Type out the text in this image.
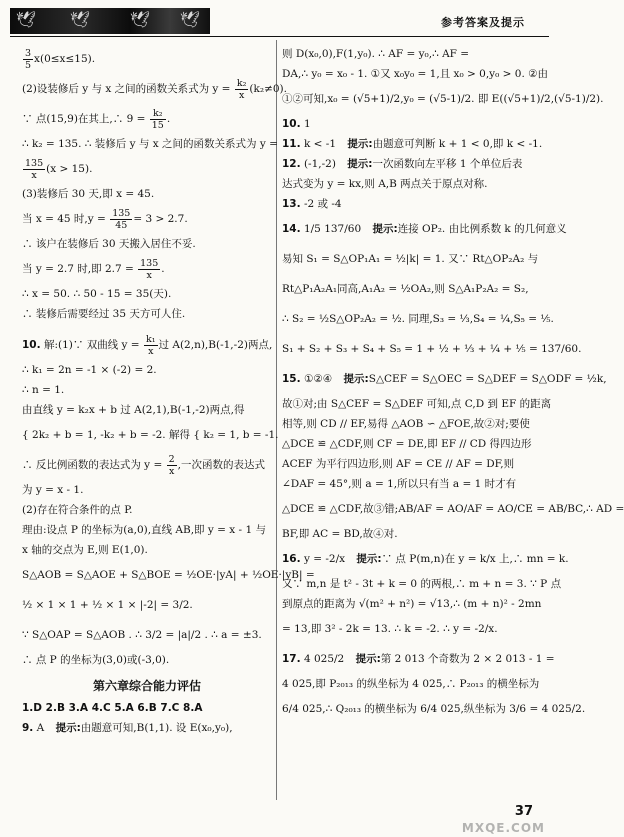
🕊 🕊 🕊 🕊	参考答案及提示
$\frac{3}{5} x(0\le x\le 15)$.
(2)设装修后 y 与 x 之间的函数关系式为 $y = \frac{\text{k₂}}{x} (k_2\ne 0)$.
∵ 点(15,9)在其上,∴ $9 = \frac{\text{k₂}}{15}$ .
∴ k₂ = 135. ∴ 装修后 y 与 x 之间的函数关系式为 y =
$\frac{135}{x} (x > 15)$.
(3)装修后 30 天,即 x = 45.
当 x = 45 时$,y = \frac{135}{45} = 3 > 2.7$.
∴ 该户在装修后 30 天搬入居住不妥.
当 y = 2.7 时,即 $2.7 = \frac{135}{x}$ .
∴ x = 50. ∴ 50 - 15 = 35(天).
∴ 装修后需要经过 35 天方可人住.
10. 解:(1)∵ 双曲线 $y = \frac{\text{k₁}}{x}$ 过 A(2,n),B(-1,-2)两点,
∴ k₁ = 2n = -1 × (-2) = 2.
∴ n = 1.
由直线 y = k₂x + b 过 A(2,1),B(-1,-2)两点,得
{ 2k₂ + b = 1, -k₂ + b = -2. 解得 { k₂ = 1, b = -1.
∴ 反比例函数的表达式为 $y = \frac{2}{x}$ ,一次函数的表达式
为 y = x - 1.
(2)存在符合条件的点 P.
理由:设点 P 的坐标为(a,0),直线 AB,即 y = x - 1 与
x 轴的交点为 E,则 E(1,0).
S△AOB = S△AOE + S△BOE = ½OE·|yA| + ½OE·|yB| =
½ × 1 × 1 + ½ × 1 × |-2| = 3/2.
∵ S△OAP = S△AOB . ∴ 3/2 = |a|/2 . ∴ a = ±3.
∴ 点 P 的坐标为(3,0)或(-3,0).
第六章综合能力评估
1.D 2.B 3.A 4.C 5.A 6.B 7.C 8.A
9. A 提示:由题意可知,B(1,1). 设 E(x₀,y₀),
则 D(x₀,0),F(1,y₀). ∴ AF = y₀,∴ AF =
DA,∴ y₀ = x₀ - 1. ①又 x₀y₀ = 1,且 x₀ > 0,y₀ > 0. ②由
①②可知,x₀ = (√5+1)/2,y₀ = (√5-1)/2. 即 E((√5+1)/2,(√5-1)/2).
10. 1
11. k < -1 提示:由题意可判断 k + 1 < 0,即 k < -1.
12. (-1,-2) 提示:一次函数向左平移 1 个单位后表
达式变为 y = kx,则 A,B 两点关于原点对称.
13. -2 或 -4
14. 1/5 137/60 提示:连接 OP₂. 由比例系数 k 的几何意义
易知 S₁ = S△OP₁A₁ = ½|k| = 1. 又∵ Rt△OP₂A₂ 与
Rt△P₁A₂A₁同高,A₁A₂ = ½OA₂,则 S△A₁P₂A₂ = S₂,
∴ S₂ = ½S△OP₂A₂ = ½. 同理,S₃ = ⅓,S₄ = ¼,S₅ = ⅕.
S₁ + S₂ + S₃ + S₄ + S₅ = 1 + ½ + ⅓ + ¼ + ⅕ = 137/60.
15. ①②④ 提示:S△CEF = S△OEC = S△DEF = S△ODF = ½k,
故①对;由 S△CEF = S△DEF 可知,点 C,D 到 EF 的距离
相等,则 CD // EF,易得 △AOB ∽ △FOE,故②对;要使
△DCE ≌ △CDF,则 CF = DE,即 EF // CD 得四边形
ACEF 为平行四边形,则 AF = CE // AF = DF,则
∠DAF = 45°,则 a = 1,所以只有当 a = 1 时才有
△DCE ≌ △CDF,故③错;AB/AF = AO/AF = AO/CE = AB/BC,∴ AD =
BF,即 AC = BD,故④对.
16. y = -2/x 提示:∵ 点 P(m,n)在 y = k/x 上,∴ mn = k.
又∵ m,n 是 t² - 3t + k = 0 的两根,∴ m + n = 3. ∵ P 点
到原点的距离为 √(m² + n²) = √13,∴ (m + n)² - 2mn
= 13,即 3² - 2k = 13. ∴ k = -2. ∴ y = -2/x.
17. 4 025/2 提示:第 2 013 个奇数为 2 × 2 013 - 1 =
4 025,即 P₂₀₁₃ 的纵坐标为 4 025,∴ P₂₀₁₃ 的横坐标为
6/4 025,∴ Q₂₀₁₃ 的横坐标为 6/4 025,纵坐标为 3/6 = 4 025/2.
37
MXQE.COM
